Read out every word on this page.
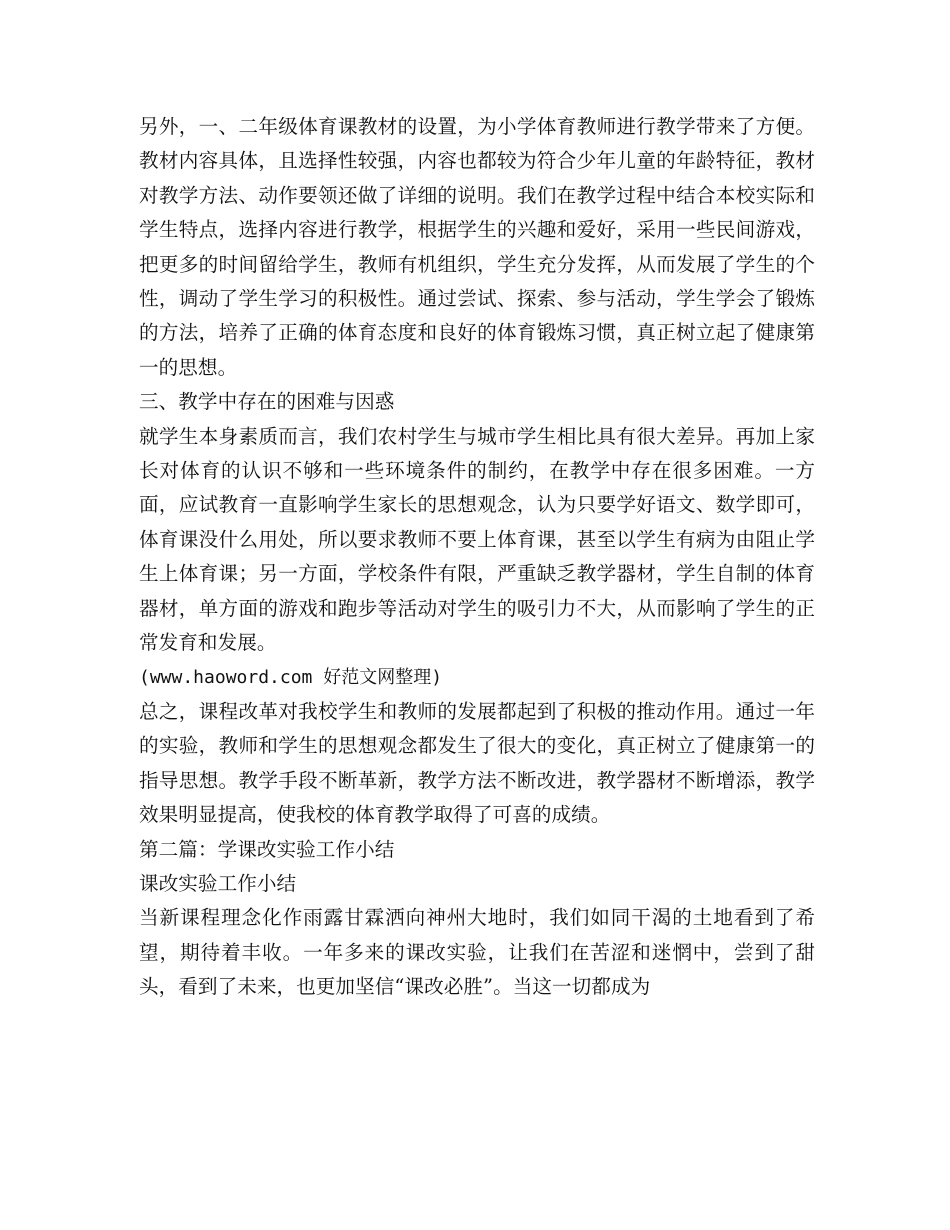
另外，一、二年级体育课教材的设置，为小学体育教师进行教学带来了方便。教材内容具体，且选择性较强，内容也都较为符合少年儿童的年龄特征，教材对教学方法、动作要领还做了详细的说明。我们在教学过程中结合本校实际和学生特点，选择内容进行教学，根据学生的兴趣和爱好，采用一些民间游戏，把更多的时间留给学生，教师有机组织，学生充分发挥，从而发展了学生的个性，调动了学生学习的积极性。通过尝试、探索、参与活动，学生学会了锻炼的方法，培养了正确的体育态度和良好的体育锻炼习惯，真正树立起了健康第一的思想。

三、教学中存在的困难与因惑

就学生本身素质而言，我们农村学生与城市学生相比具有很大差异。再加上家长对体育的认识不够和一些环境条件的制约，在教学中存在很多困难。一方面，应试教育一直影响学生家长的思想观念，认为只要学好语文、数学即可，体育课没什么用处，所以要求教师不要上体育课，甚至以学生有病为由阻止学生上体育课；另一方面，学校条件有限，严重缺乏教学器材，学生自制的体育器材，单方面的游戏和跑步等活动对学生的吸引力不大，从而影响了学生的正常发育和发展。

(www.haoword.com 好范文网整理)

总之，课程改革对我校学生和教师的发展都起到了积极的推动作用。通过一年的实验，教师和学生的思想观念都发生了很大的变化，真正树立了健康第一的指导思想。教学手段不断革新，教学方法不断改进，教学器材不断增添，教学效果明显提高，使我校的体育教学取得了可喜的成绩。

第二篇：学课改实验工作小结

课改实验工作小结

当新课程理念化作雨露甘霖洒向神州大地时，我们如同干渴的土地看到了希望，期待着丰收。一年多来的课改实验，让我们在苦涩和迷惘中，尝到了甜头，看到了未来，也更加坚信“课改必胜”。当这一切都成为
